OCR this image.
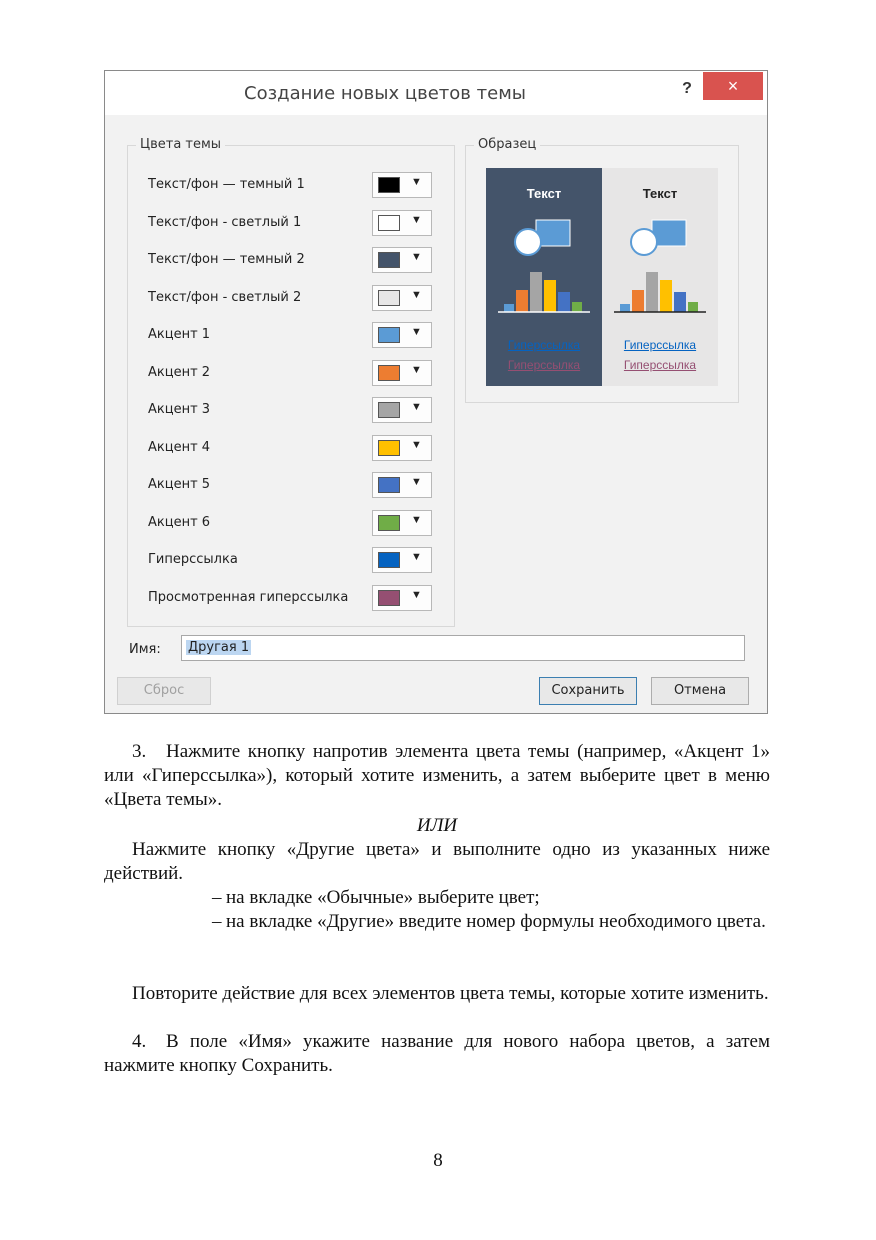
Создание новых цветов темы	?	×
Цвета темы
Текст/фон — темный 1	▼
Текст/фон - светлый 1	▼
Текст/фон — темный 2	▼
Текст/фон - светлый 2	▼
Акцент 1	▼
Акцент 2	▼
Акцент 3	▼
Акцент 4	▼
Акцент 5	▼
Акцент 6	▼
Гиперссылка	▼
Просмотренная гиперссылка	▼
Образец
Текст
Гиперссылка
Гиперссылка
Текст
Гиперссылка
Гиперссылка
Имя: Другая 1
Сброс	Сохранить	Отмена
3. Нажмите кнопку напротив элемента цвета темы (например, «Акцент 1» или «Гиперссылка»), который хотите изменить, а затем выберите цвет в меню «Цвета темы».
ИЛИ
Нажмите кнопку «Другие цвета» и выполните одно из указанных ниже действий.
– на вкладке «Обычные» выберите цвет;
– на вкладке «Другие» введите номер формулы необходимого цвета.
Повторите действие для всех элементов цвета темы, которые хотите изменить.
4. В поле «Имя» укажите название для нового набора цветов, а затем нажмите кнопку Сохранить.
8
